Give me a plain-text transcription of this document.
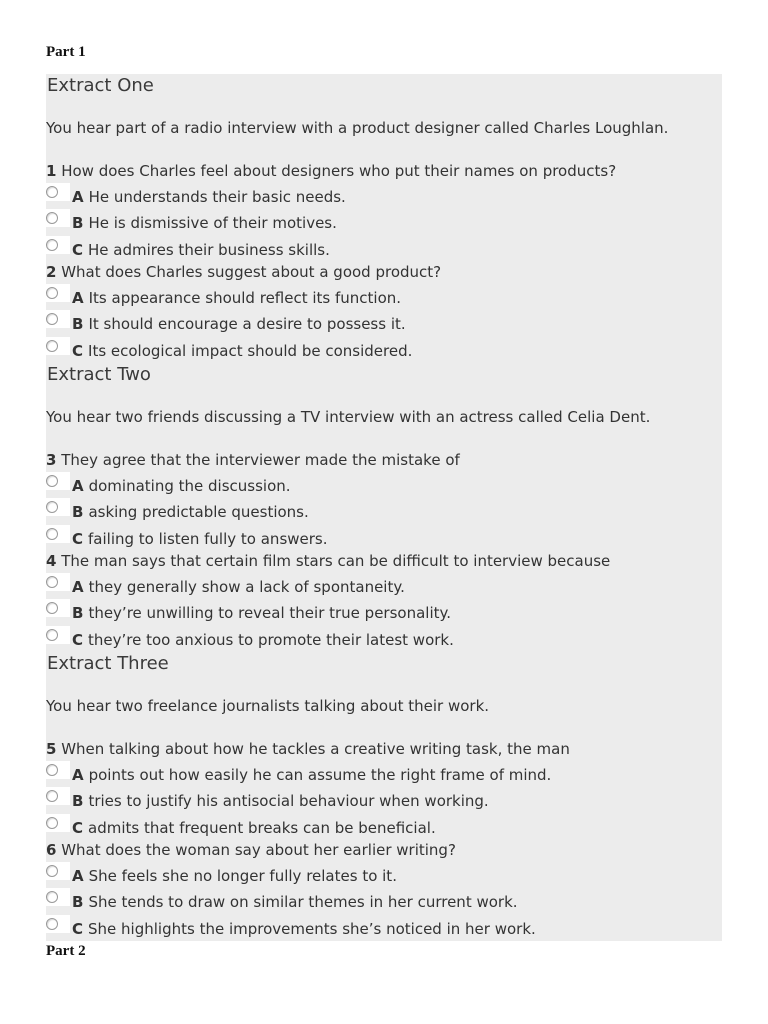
Part 1
Extract One
You hear part of a radio interview with a product designer called Charles Loughlan.
1 How does Charles feel about designers who put their names on products?
A He understands their basic needs.
B He is dismissive of their motives.
C He admires their business skills.
2 What does Charles suggest about a good product?
A Its appearance should reflect its function.
B It should encourage a desire to possess it.
C Its ecological impact should be considered.
Extract Two
You hear two friends discussing a TV interview with an actress called Celia Dent.
3 They agree that the interviewer made the mistake of
A dominating the discussion.
B asking predictable questions.
C failing to listen fully to answers.
4 The man says that certain film stars can be difficult to interview because
A they generally show a lack of spontaneity.
B they’re unwilling to reveal their true personality.
C they’re too anxious to promote their latest work.
Extract Three
You hear two freelance journalists talking about their work.
5 When talking about how he tackles a creative writing task, the man
A points out how easily he can assume the right frame of mind.
B tries to justify his antisocial behaviour when working.
C admits that frequent breaks can be beneficial.
6 What does the woman say about her earlier writing?
A She feels she no longer fully relates to it.
B She tends to draw on similar themes in her current work.
C She highlights the improvements she’s noticed in her work.
Part 2
